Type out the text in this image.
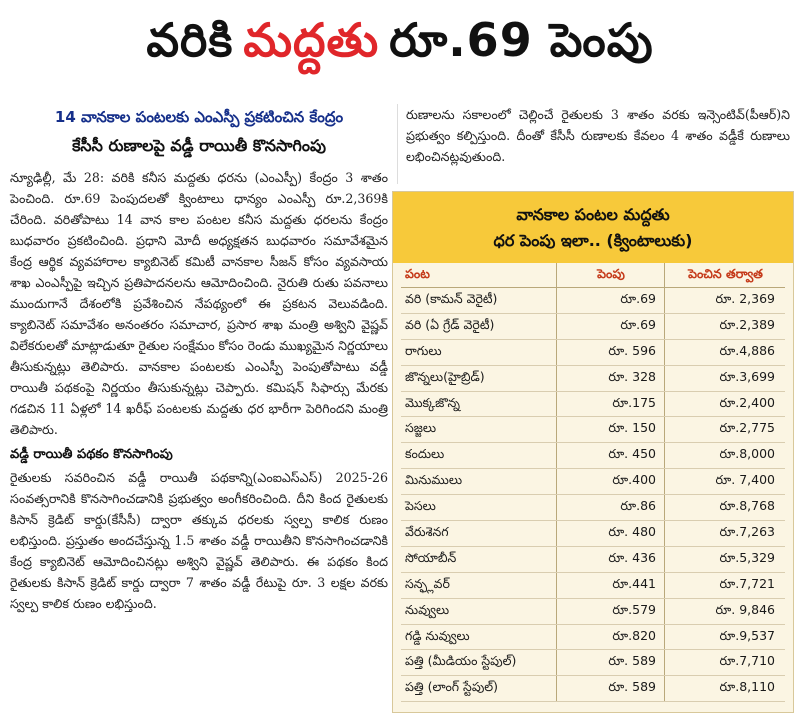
వరికి మద్దతు రూ.69 పెంపు
14 వానకాల పంటలకు ఎంఎస్పీ ప్రకటించిన కేంద్రం
కేసీసీ రుణాలపై వడ్డీ రాయితీ కొనసాగింపు

న్యూఢిల్లీ, మే 28: వరికి కనీస మద్దతు ధరను (ఎంఎస్పీ) కేంద్రం 3 శాతం పెంచింది. రూ.69 పెంపుదలతో క్వింటాలు ధాన్యం ఎంఎస్పీ రూ.2,369కి చేరింది. వరితోపాటు 14 వాన కాల పంటల కనీస మద్దతు ధరలను కేంద్రం బుధవారం ప్రకటించింది. ప్రధాని మోదీ అధ్యక్షతన బుధవారం సమావేశమైన కేంద్ర ఆర్థిక వ్యవహారాల క్యాబినెట్ కమిటీ వానకాల సీజన్ కోసం వ్యవసాయ శాఖ ఎంఎస్పీపై ఇచ్చిన ప్రతిపాదనలను ఆమోదించింది. నైరుతి రుతు పవనాలు ముందుగానే దేశంలోకి ప్రవేశించిన నేపథ్యంలో ఈ ప్రకటన వెలువడింది. క్యాబినెట్ సమావేశం అనంతరం సమాచార, ప్రసార శాఖ మంత్రి అశ్విని వైష్ణవ్ విలేకరులతో మాట్లాడుతూ రైతుల సంక్షేమం కోసం రెండు ముఖ్యమైన నిర్ణయాలు తీసుకున్నట్లు తెలిపారు. వానకాల పంటలకు ఎంఎస్పీ పెంపుతోపాటు వడ్డీ రాయితీ పథకంపై నిర్ణయం తీసుకున్నట్లు చెప్పారు. కమిషన్ సిఫార్సు మేరకు గడచిన 11 ఏళ్లలో 14 ఖరీఫ్ పంటలకు మద్దతు ధర భారీగా పెరిగిందని మంత్రి తెలిపారు.

వడ్డీ రాయితీ పథకం కొనసాగింపు

రైతులకు సవరించిన వడ్డీ రాయితీ పథకాన్ని(ఎంఐఎస్ఎస్) 2025-26 సంవత్సరానికి కొనసాగించడానికి ప్రభుత్వం అంగీకరించింది. దీని కింద రైతులకు కిసాన్ క్రెడిట్ కార్డు(కేసీసీ) ద్వారా తక్కువ ధరలకు స్వల్ప కాలిక రుణం లభిస్తుంది. ప్రస్తుతం అందచేస్తున్న 1.5 శాతం వడ్డీ రాయితీని కొనసాగించడానికి కేంద్ర క్యాబినెట్ ఆమోదించినట్లు అశ్విని వైష్ణవ్ తెలిపారు. ఈ పథకం కింద రైతులకు కిసాన్ క్రెడిట్ కార్డు ద్వారా 7 శాతం వడ్డీ రేటుపై రూ. 3 లక్షల వరకు స్వల్ప కాలిక రుణం లభిస్తుంది.

రుణాలను సకాలంలో చెల్లించే రైతులకు 3 శాతం వరకు ఇన్సెంటివ్(పీఆర్)ని ప్రభుత్వం కల్పిస్తుంది. దీంతో కేసీసీ రుణాలకు కేవలం 4 శాతం వడ్డీకే రుణాలు లభించినట్లవుతుంది.
వానకాల పంటల మద్దతు
ధర పెంపు ఇలా.. (క్వింటాలుకు)
పంట	పెంపు	పెంచిన తర్వాత
వరి (కామన్ వెరైటీ)	రూ.69	రూ. 2,369
వరి (ఏ గ్రేడ్ వెరైటీ)	రూ.69	రూ.2,389
రాగులు	రూ. 596	రూ.4,886
జొన్నలు(హైబ్రిడ్)	రూ. 328	రూ.3,699
మొక్కజొన్న	రూ.175	రూ.2,400
సజ్జలు	రూ. 150	రూ.2,775
కందులు	రూ. 450	రూ.8,000
మినుములు	రూ.400	రూ. 7,400
పెసలు	రూ.86	రూ.8,768
వేరుశెనగ	రూ. 480	రూ.7,263
సోయాబీన్	రూ. 436	రూ.5,329
సన్ఫ్లవర్	రూ.441	రూ.7,721
నువ్వులు	రూ.579	రూ. 9,846
గడ్డి నువ్వులు	రూ.820	రూ.9,537
పత్తి (మీడియం స్టేపుల్)	రూ. 589	రూ.7,710
పత్తి (లాంగ్ స్టేపుల్)	రూ. 589	రూ.8,110
